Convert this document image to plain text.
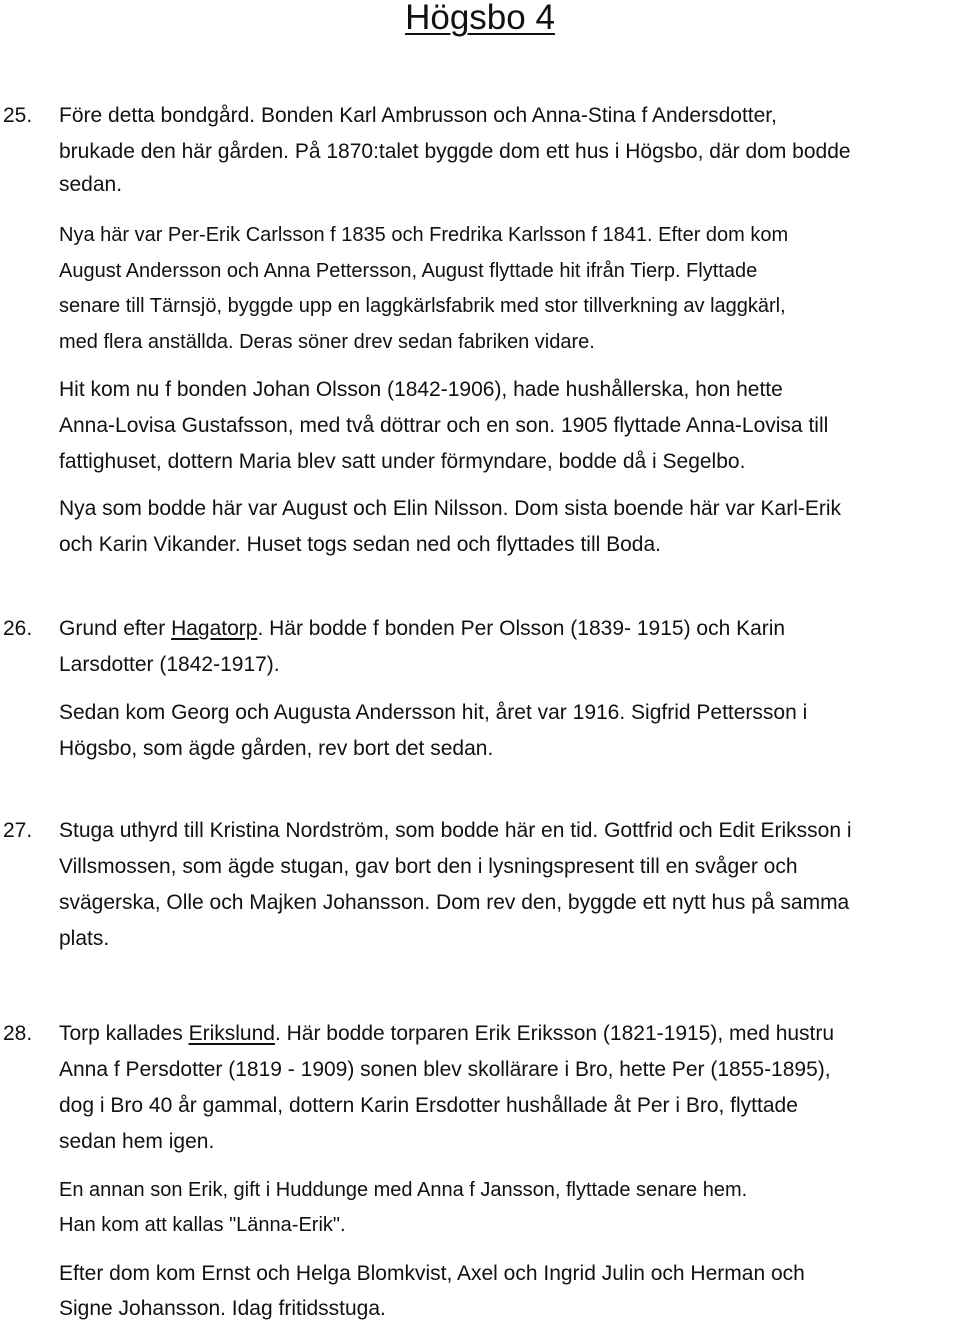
Högsbo 4
25. Före detta bondgård. Bonden Karl Ambrusson och Anna-Stina f Andersdotter,
brukade den här gården. På 1870:talet byggde dom ett hus i Högsbo, där dom bodde
sedan.
Nya här var Per-Erik Carlsson f 1835 och Fredrika Karlsson f 1841. Efter dom kom
August Andersson och Anna Pettersson, August flyttade hit ifrån Tierp. Flyttade
senare till Tärnsjö, byggde upp en laggkärlsfabrik med stor tillverkning av laggkärl,
med flera anställda. Deras söner drev sedan fabriken vidare.
Hit kom nu f bonden Johan Olsson (1842-1906), hade hushållerska, hon hette
Anna-Lovisa Gustafsson, med två döttrar och en son. 1905 flyttade Anna-Lovisa till
fattighuset, dottern Maria blev satt under förmyndare, bodde då i Segelbo.
Nya som bodde här var August och Elin Nilsson. Dom sista boende här var Karl-Erik
och Karin Vikander. Huset togs sedan ned och flyttades till Boda.
26. Grund efter Hagatorp. Här bodde f bonden Per Olsson (1839- 1915) och Karin
Larsdotter (1842-1917).
Sedan kom Georg och Augusta Andersson hit, året var 1916. Sigfrid Pettersson i
Högsbo, som ägde gården, rev bort det sedan.
27. Stuga uthyrd till Kristina Nordström, som bodde här en tid. Gottfrid och Edit Eriksson i
Villsmossen, som ägde stugan, gav bort den i lysningspresent till en svåger och
svägerska, Olle och Majken Johansson. Dom rev den, byggde ett nytt hus på samma
plats.
28. Torp kallades Erikslund. Här bodde torparen Erik Eriksson (1821-1915), med hustru
Anna f Persdotter (1819 - 1909) sonen blev skollärare i Bro, hette Per (1855-1895),
dog i Bro 40 år gammal, dottern Karin Ersdotter hushållade åt Per i Bro, flyttade
sedan hem igen.
En annan son Erik, gift i Huddunge med Anna f Jansson, flyttade senare hem.
Han kom att kallas "Länna-Erik".
Efter dom kom Ernst och Helga Blomkvist, Axel och Ingrid Julin och Herman och
Signe Johansson. Idag fritidsstuga.
